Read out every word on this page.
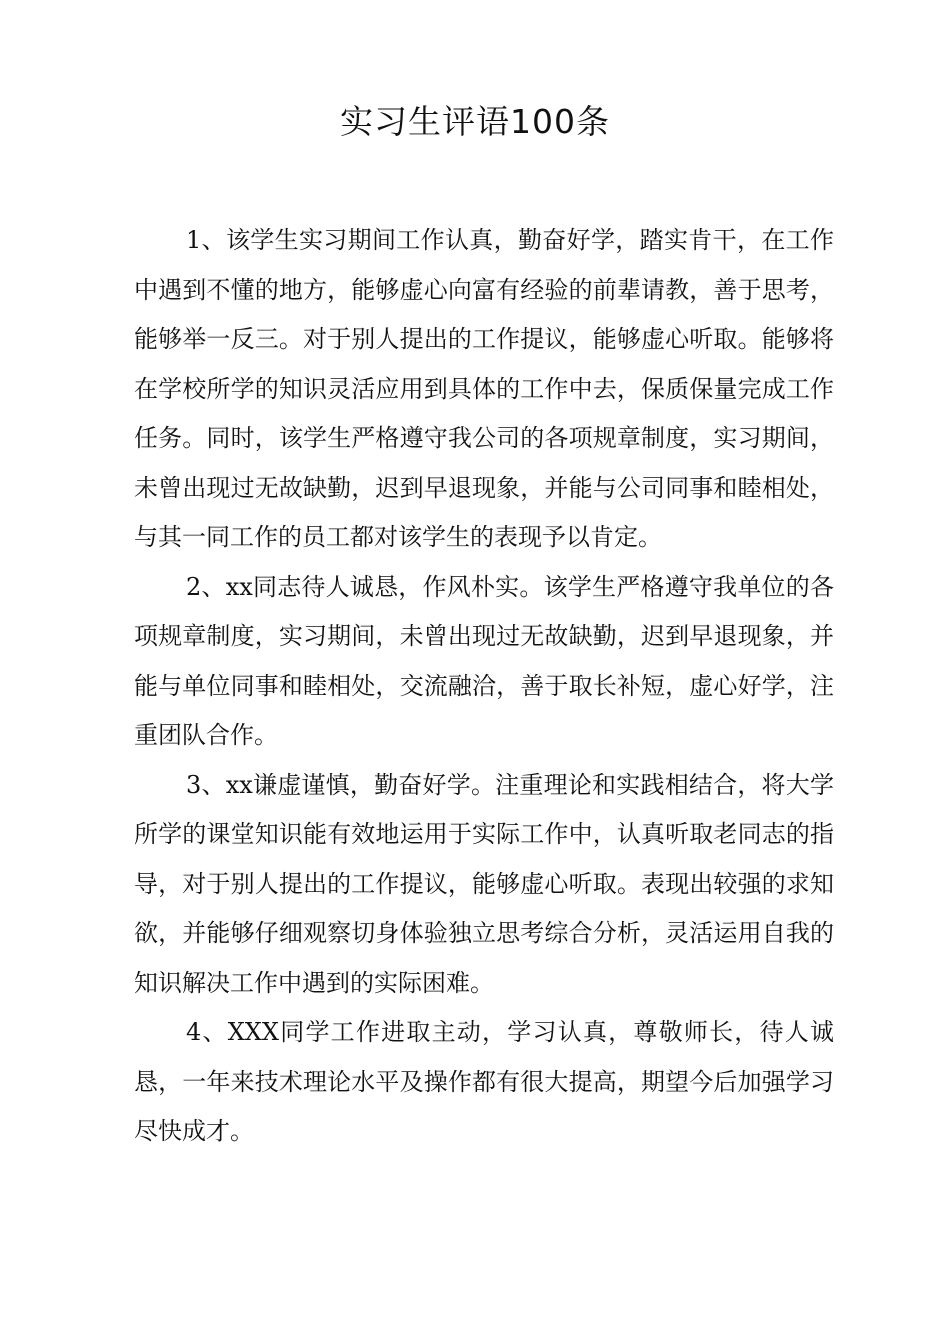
实习生评语100条

1、该学生实习期间工作认真，勤奋好学，踏实肯干，在工作中遇到不懂的地方，能够虚心向富有经验的前辈请教，善于思考，能够举一反三。对于别人提出的工作提议，能够虚心听取。能够将在学校所学的知识灵活应用到具体的工作中去，保质保量完成工作任务。同时，该学生严格遵守我公司的各项规章制度，实习期间，未曾出现过无故缺勤，迟到早退现象，并能与公司同事和睦相处，与其一同工作的员工都对该学生的表现予以肯定。

2、xx同志待人诚恳，作风朴实。该学生严格遵守我单位的各项规章制度，实习期间，未曾出现过无故缺勤，迟到早退现象，并能与单位同事和睦相处，交流融洽，善于取长补短，虚心好学，注重团队合作。

3、xx谦虚谨慎，勤奋好学。注重理论和实践相结合，将大学所学的课堂知识能有效地运用于实际工作中，认真听取老同志的指导，对于别人提出的工作提议，能够虚心听取。表现出较强的求知欲，并能够仔细观察切身体验独立思考综合分析，灵活运用自我的知识解决工作中遇到的实际困难。

4、XXX同学工作进取主动，学习认真，尊敬师长，待人诚恳，一年来技术理论水平及操作都有很大提高，期望今后加强学习尽快成才。
